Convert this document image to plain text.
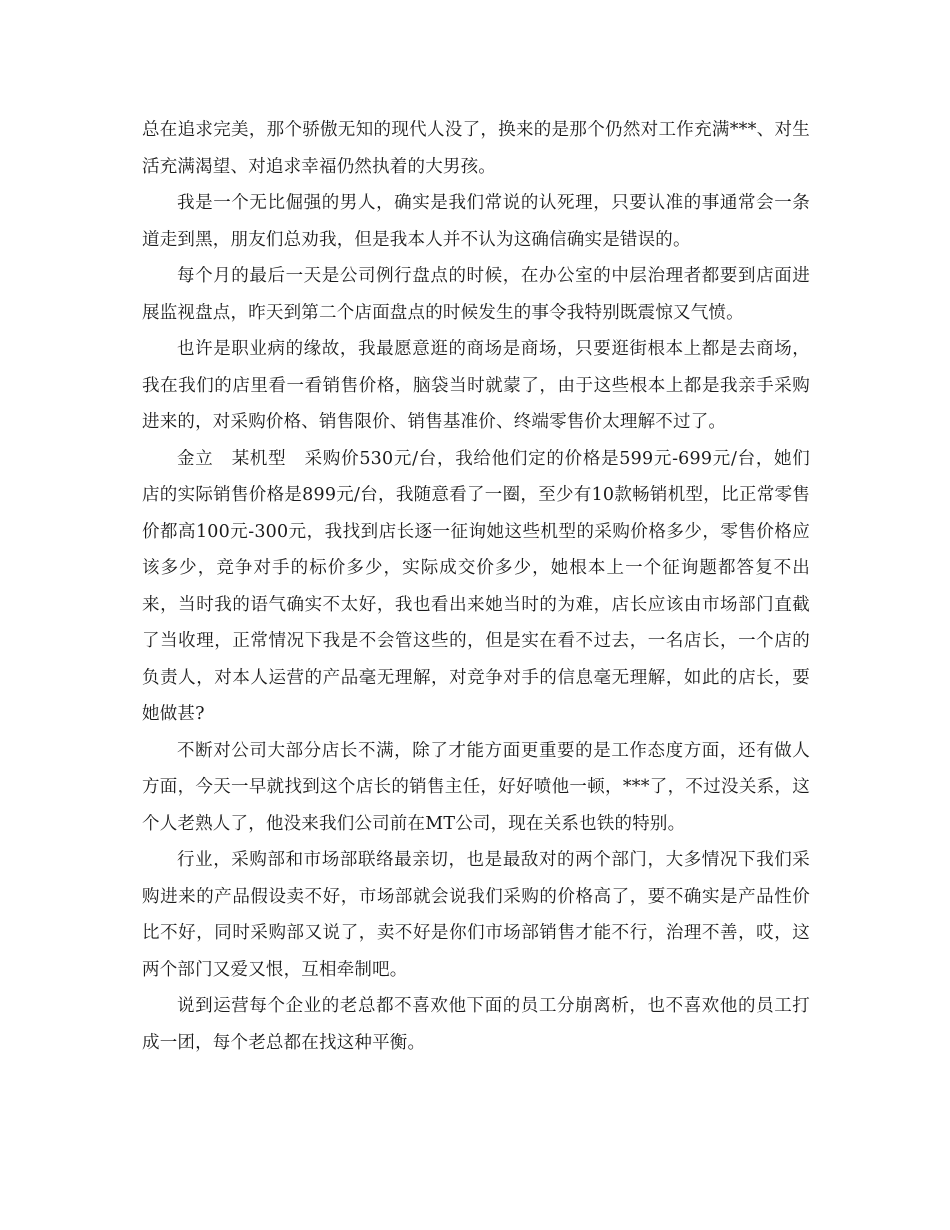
总在追求完美，那个骄傲无知的现代人没了，换来的是那个仍然对工作充满***、对生活充满渴望、对追求幸福仍然执着的大男孩。

我是一个无比倔强的男人，确实是我们常说的认死理，只要认准的事通常会一条道走到黑，朋友们总劝我，但是我本人并不认为这确信确实是错误的。

每个月的最后一天是公司例行盘点的时候，在办公室的中层治理者都要到店面进展监视盘点，昨天到第二个店面盘点的时候发生的事令我特别既震惊又气愤。

也许是职业病的缘故，我最愿意逛的商场是商场，只要逛街根本上都是去商场，我在我们的店里看一看销售价格，脑袋当时就蒙了，由于这些根本上都是我亲手采购进来的，对采购价格、销售限价、销售基准价、终端零售价太理解不过了。

金立　某机型　采购价530元/台，我给他们定的价格是599元-699元/台，她们店的实际销售价格是899元/台，我随意看了一圈，至少有10款畅销机型，比正常零售价都高100元-300元，我找到店长逐一征询她这些机型的采购价格多少，零售价格应该多少，竞争对手的标价多少，实际成交价多少，她根本上一个征询题都答复不出来，当时我的语气确实不太好，我也看出来她当时的为难，店长应该由市场部门直截了当收理，正常情况下我是不会管这些的，但是实在看不过去，一名店长，一个店的负责人，对本人运营的产品毫无理解，对竞争对手的信息毫无理解，如此的店长，要她做甚?

不断对公司大部分店长不满，除了才能方面更重要的是工作态度方面，还有做人方面，今天一早就找到这个店长的销售主任，好好喷他一顿，***了，不过没关系，这个人老熟人了，他没来我们公司前在MT公司，现在关系也铁的特别。

行业，采购部和市场部联络最亲切，也是最敌对的两个部门，大多情况下我们采购进来的产品假设卖不好，市场部就会说我们采购的价格高了，要不确实是产品性价比不好，同时采购部又说了，卖不好是你们市场部销售才能不行，治理不善，哎，这两个部门又爱又恨，互相牵制吧。

说到运营每个企业的老总都不喜欢他下面的员工分崩离析，也不喜欢他的员工打成一团，每个老总都在找这种平衡。
